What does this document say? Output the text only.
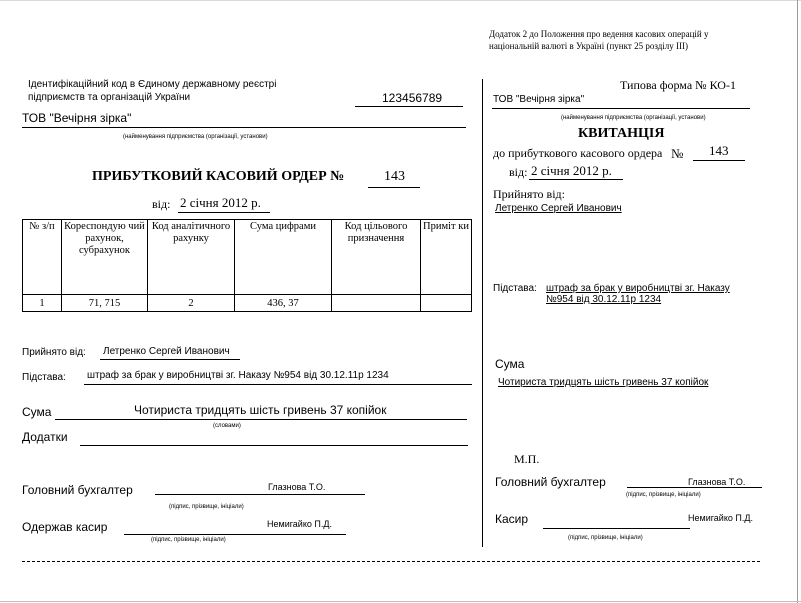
Додаток 2 до Положення про ведення касових операцій у
національній валюті в Україні (пункт 25 розділу ІІІ)
Ідентифікаційний код в Єдиному державному реєстрі
підприємств та організацій України	123456789
ТОВ "Вечірня зірка"
(найменування підприємства (організації, установи)
ПРИБУТКОВИЙ КАСОВИЙ ОРДЕР №	143
від: 2 січня 2012 р.
№ з/п	Кореспондую чий рахунок, субрахунок	Код аналітичного рахунку	Сума цифрами	Код цільового призначення	Приміт ки
1	71, 715	2	436, 37		
Прийнято від: Летренко Сергей Иванович
Підстава: штраф за брак у виробництві зг. Наказу №954 від 30.12.11р 1234
Сума	Чотириста тридцять шість гривень 37 копійок
(словами)
Додатки
Головний бухгалтер	Глазнова Т.О.
(підпис, прізвище, ініціали)
Одержав касир	Немигайко П.Д.
(підпис, прізвище, ініціали)
Типова форма № КО-1
ТОВ "Вечірня зірка"
(найменування підприємства (організації, установи)
КВИТАНЦІЯ
до прибуткового касового ордера № 143
від: 2 січня 2012 р.
Прийнято від:
Летренко Сергей Иванович
Підстава: штраф за брак у виробництві зг. Наказу
№954 від 30.12.11р 1234
Сума
Чотириста тридцять шість гривень 37 копійок
М.П.
Головний бухгалтер	Глазнова Т.О.
(підпис, прізвище, ініціали)
Касир	Немигайко П.Д.
(підпис, прізвище, ініціали)
